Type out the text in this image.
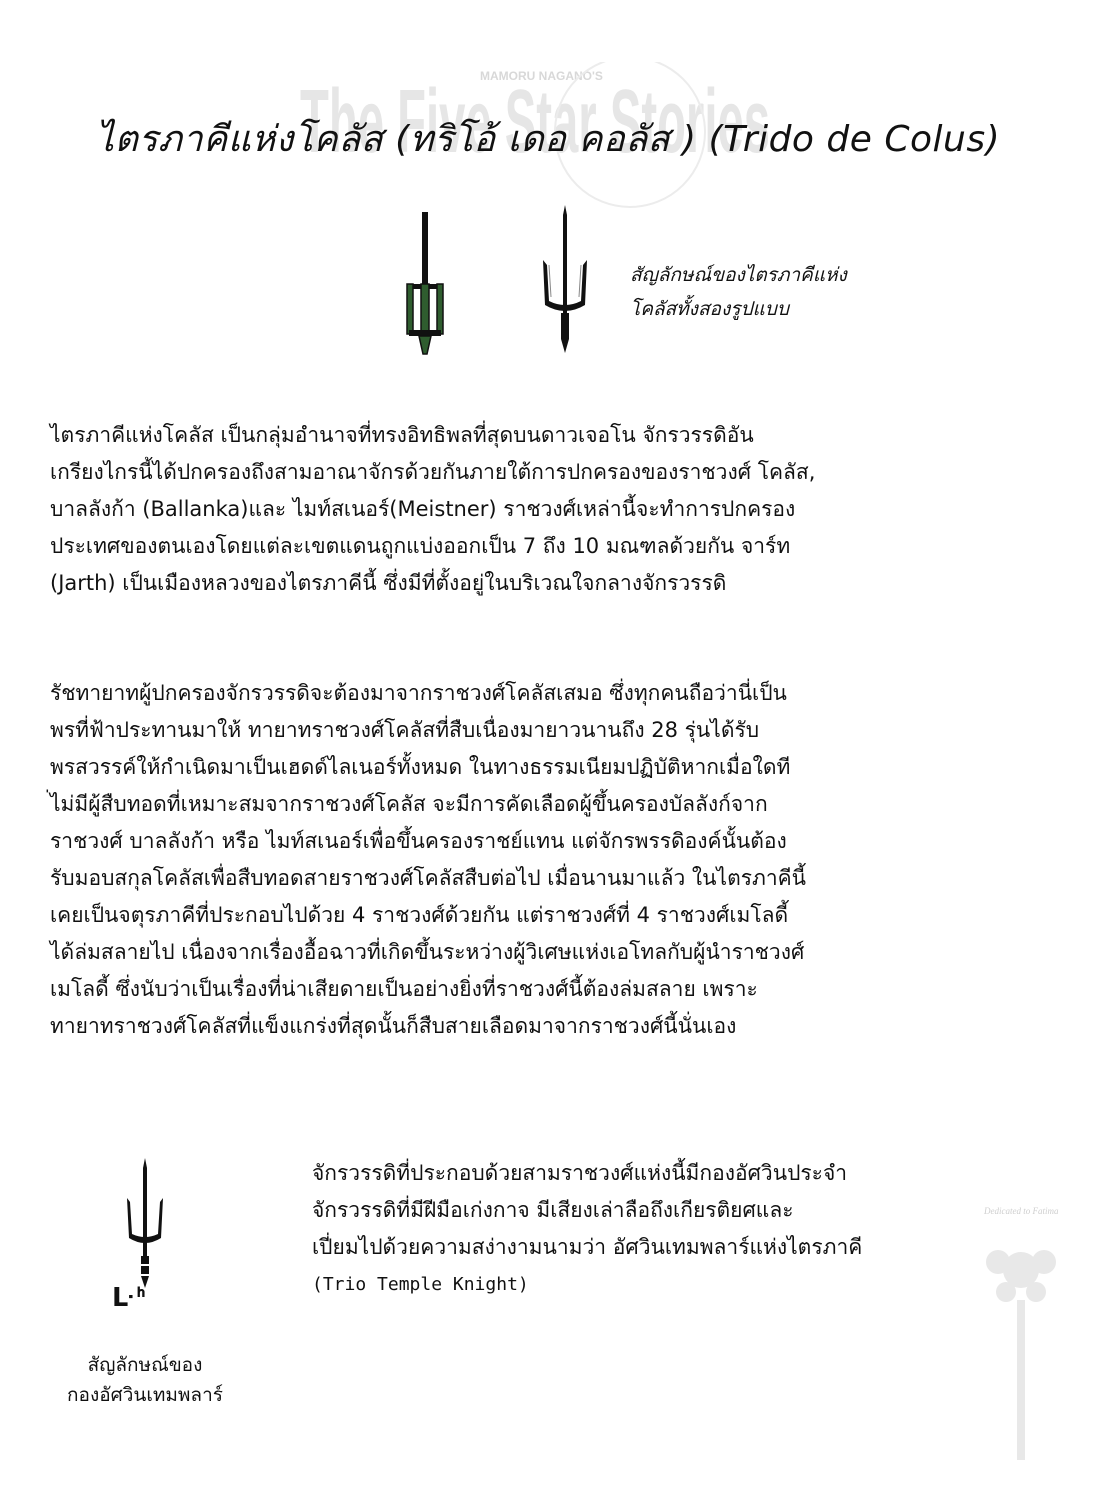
MAMORU NAGANO'S
The Five Star Stories
ไตรภาคีแห่งโคลัส (ทริโอ้ เดอ คอลัส ) (Trido de Colus)
สัญลักษณ์ของไตรภาคีแห่ง
โคลัสทั้งสองรูปแบบ
ไตรภาคีแห่งโคลัส เป็นกลุ่มอำนาจที่ทรงอิทธิพลที่สุดบนดาวเจอโน จักรวรรดิอัน
เกรียงไกรนี้ได้ปกครองถึงสามอาณาจักรด้วยกันภายใต้การปกครองของราชวงศ์ โคลัส,
บาลลังก้า (Ballanka)และ ไมท์สเนอร์(Meistner) ราชวงศ์เหล่านี้จะทำการปกครอง
ประเทศของตนเองโดยแต่ละเขตแดนถูกแบ่งออกเป็น 7 ถึง 10 มณฑลด้วยกัน จาร์ท
(Jarth) เป็นเมืองหลวงของไตรภาคีนี้ ซึ่งมีที่ตั้งอยู่ในบริเวณใจกลางจักรวรรดิ
รัชทายาทผู้ปกครองจักรวรรดิจะต้องมาจากราชวงศ์โคลัสเสมอ ซึ่งทุกคนถือว่านี่เป็น
พรที่ฟ้าประทานมาให้ ทายาทราชวงศ์โคลัสที่สืบเนื่องมายาวนานถึง 28 รุ่นได้รับ
พรสวรรค์ให้กำเนิดมาเป็นเฮดด์ไลเนอร์ทั้งหมด ในทางธรรมเนียมปฏิบัติหากเมื่อใดที
่ไม่มีผู้สืบทอดที่เหมาะสมจากราชวงศ์โคลัส จะมีการคัดเลือดผู้ขึ้นครองบัลลังก์จาก
ราชวงศ์ บาลลังก้า หรือ ไมท์สเนอร์เพื่อขึ้นครองราชย์แทน แต่จักรพรรดิองค์นั้นต้อง
รับมอบสกุลโคลัสเพื่อสืบทอดสายราชวงศ์โคลัสสืบต่อไป เมื่อนานมาแล้ว ในไตรภาคีนี้
เคยเป็นจตุรภาคีที่ประกอบไปด้วย 4 ราชวงศ์ด้วยกัน แต่ราชวงศ์ที่ 4 ราชวงศ์เมโลดี้
ได้ล่มสลายไป เนื่องจากเรื่องอื้อฉาวที่เกิดขึ้นระหว่างผู้วิเศษแห่งเอโทลกับผู้นำราชวงศ์
เมโลดี้ ซึ่งนับว่าเป็นเรื่องที่น่าเสียดายเป็นอย่างยิ่งที่ราชวงศ์นี้ต้องล่มสลาย เพราะ
ทายาทราชวงศ์โคลัสที่แข็งแกร่งที่สุดนั้นก็สืบสายเลือดมาจากราชวงศ์นี้นั่นเอง
ᒷᑋ
จักรวรรดิที่ประกอบด้วยสามราชวงศ์แห่งนี้มีกองอัศวินประจำ
จักรวรรดิที่มีฝีมือเก่งกาจ มีเสียงเล่าลือถึงเกียรติยศและ
เปี่ยมไปด้วยความสง่างามนามว่า อัศวินเทมพลาร์แห่งไตรภาคี
(Trio Temple Knight)
สัญลักษณ์ของ
กองอัศวินเทมพลาร์
Dedicated to Fatima
